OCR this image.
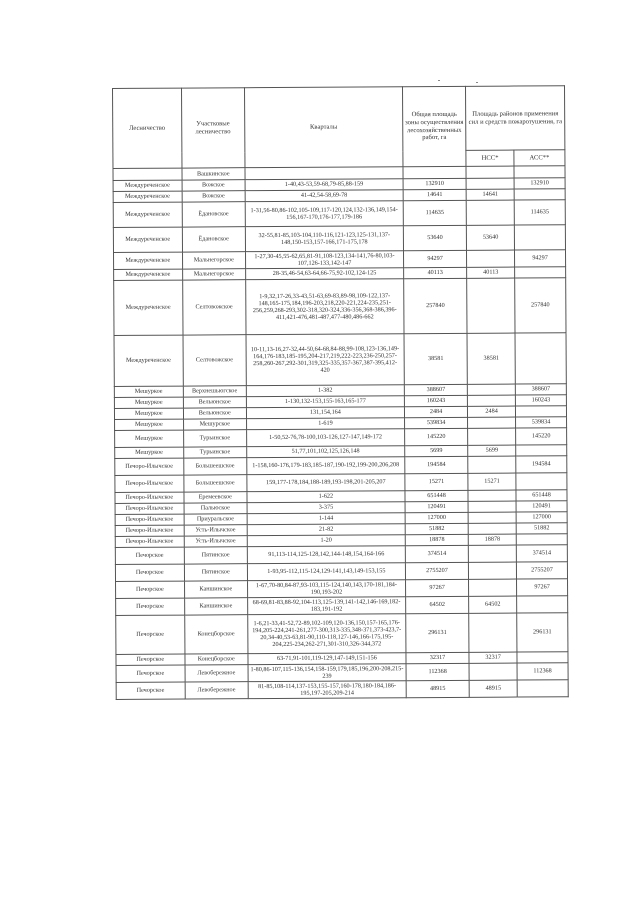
Лесничество	Участковые лесничество	Кварталы	Общая площадь зоны осуществления лесохозяйственных работ, га	Площадь районов применения сил и средств пожаротушения, га	
				НСС*	АСС**
	Вашкинское				
Междуреченское	Вожское	1-40,43-53,59-68,79-85,88-159	132910		132910
Междуреченское	Вожское	41-42,54-58,69-78	14641	14641	
Междуреченское	Ёдановское	1-31,56-80,86-102,105-109,117-120,124,132-136,149,154-156,167-170,176-177,179-186	114635		114635
Междуреченское	Ёдановское	32-55,81-85,103-104,110-116,121-123,125-131,137-148,150-153,157-166,171-175,178	53640	53640	
Междуреченское	Мальнегорское	1-27,30-45,55-62,65,81-91,108-123,134-141,76-80,103-107,126-133,142-147	94297		94297
Междуреченское	Мальнегорское	28-35,46-54,63-64,66-75,92-102,124-125	40113	40113	
Междуреченское	Селтовожское	1-9,32,17-26,33-43,51-63,69-83,89-98,109-122,137-148,165-175,184,196-203,218,220-221,224-235,251-256,259,268-293,302-318,320-324,336-356,368-386,396-411,421-476,481-487,477-480,486-662	257840		257840
Междуреченское	Селтовожское	10-11,13-16,27-32,44-50,64-68,84-88,99-108,123-136,149-164,176-183,185-195,204-217,219,222-223,236-250,257-258,260-267,292-301,319,325-335,357-367,387-395,412-420	38581	38581	
Мешуркое	Верхнешьюгское	1-382	388607		388607
Мешуркое	Вельюнское	1-130,132-153,155-163,165-177	160243		160243
Мешуркое	Вельюнское	131,154,164	2484	2484	
Мешуркое	Мешурское	1-619	539834		539834
Мешуркое	Турьинское	1-50,52-76,78-100,103-126,127-147,149-172	145220		145220
Мешуркое	Турьинское	51,77,101,102,125,126,148	5699	5699	
Печоро-Илычское	Большеешское	1-158,160-176,179-183,185-187,190-192,199-200,206,208	194584		194584
Печоро-Илычское	Большеешское	159,177-178,184,188-189,193-198,201-205,207	15271	15271	
Печоро-Илычское	Еремеевское	1-622	651448		651448
Печоро-Илычское	Пальюское	3-375	120491		120491
Печоро-Илычское	Приуральское	1-144	127000		127000
Печоро-Илычское	Усть-Илычское	21-82	51882		51882
Печоро-Илычское	Усть-Илычское	1-20	18878	18878	
Печорское	Пятинское	91,113-114,125-128,142,144-148,154,164-166	374514		374514
Печорское	Пятинское	1-93,95-112,115-124,129-141,143,149-153,155	2755207		2755207
Печорское	Каншинское	1-67,70-80,84-87,93-103,115-124,140,143,170-181,184-190,193-202	97267		97267
Печорское	Каншинское	68-69,81-83,88-92,104-113,125-139,141-142,146-169,182-183,191-192	64502	64502	
Печорское	Конецборское	1-6,21-33,41-52,72-89,102-109,120-136,150,157-165,176-194,205-224,241-261,277-300,313-335,348-371,373-423,7-20,34-40,53-63,81-90,110-118,127-146,166-175,195-204,225-234,262-271,301-310,326-344,372	296131		296131
Печорское	Конецборское	63-71,91-101,119-129,147-149,151-156	32317	32317	
Печорское	Левобережное	1-80,86-107,115-136,154,158-159,179,185,196,200-208,215-239	112368		112368
Печорское	Левобережное	81-85,108-114,137-153,155-157,160-178,180-184,186-195,197-205,209-214	48915	48915	
